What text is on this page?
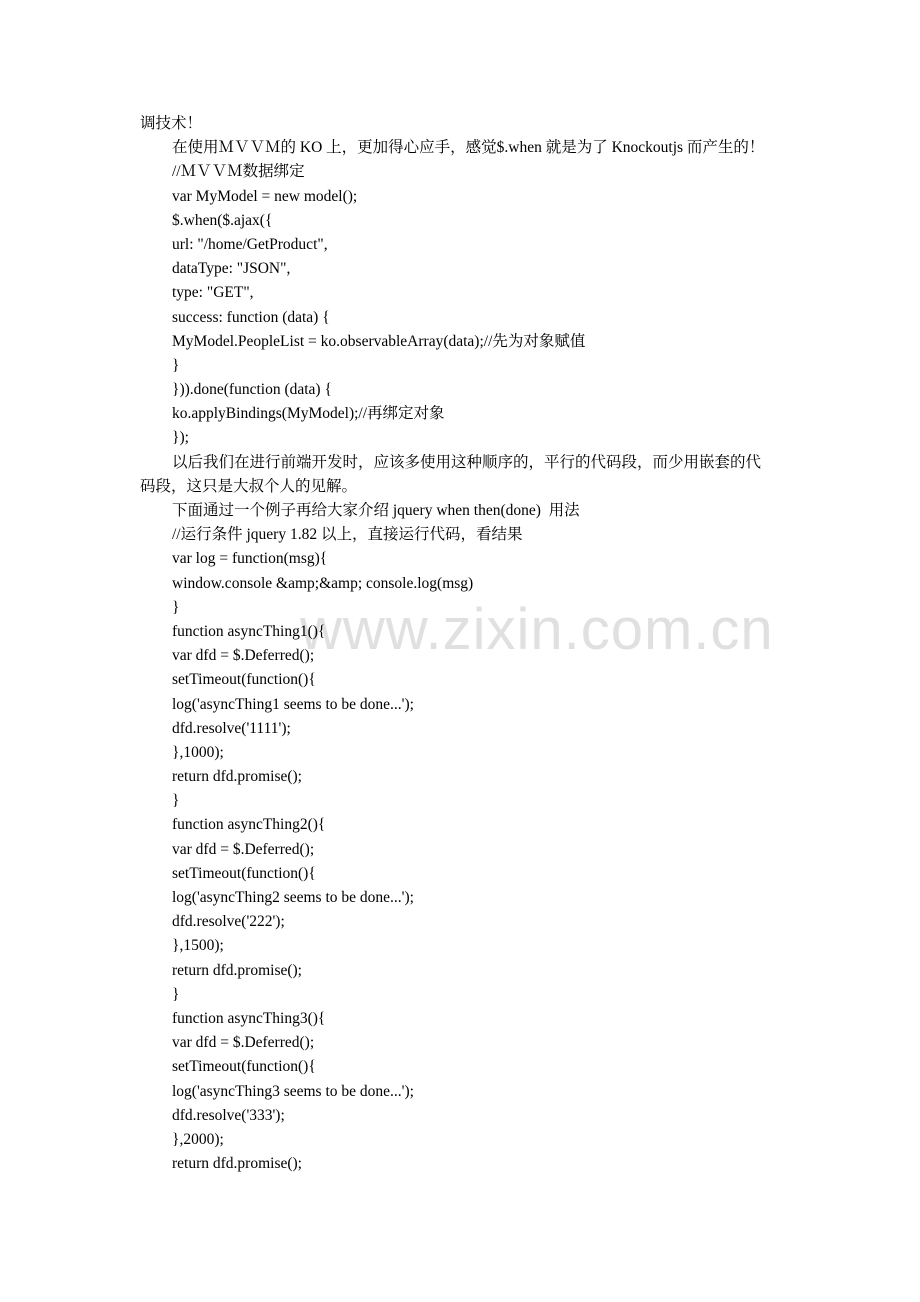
www.zixin.com.cn
调技术！
在使用ＭＶＶＭ的 KO 上，更加得心应手，感觉$.when 就是为了 Knockoutjs 而产生的！
//ＭＶＶＭ数据绑定
var MyModel = new model();
$.when($.ajax({
url: "/home/GetProduct",
dataType: "JSON",
type: "GET",
success: function (data) {
MyModel.PeopleList = ko.observableArray(data);//先为对象赋值
}
})).done(function (data) {
ko.applyBindings(MyModel);//再绑定对象
});
以后我们在进行前端开发时，应该多使用这种顺序的，平行的代码段，而少用嵌套的代
码段，这只是大叔个人的见解。
下面通过一个例子再给大家介绍 jquery when then(done)  用法
//运行条件 jquery 1.82 以上，直接运行代码，看结果
var log = function(msg){
window.console &amp;&amp; console.log(msg)
}
function asyncThing1(){
var dfd = $.Deferred();
setTimeout(function(){
log('asyncThing1 seems to be done...');
dfd.resolve('1111');
},1000);
return dfd.promise();
}
function asyncThing2(){
var dfd = $.Deferred();
setTimeout(function(){
log('asyncThing2 seems to be done...');
dfd.resolve('222');
},1500);
return dfd.promise();
}
function asyncThing3(){
var dfd = $.Deferred();
setTimeout(function(){
log('asyncThing3 seems to be done...');
dfd.resolve('333');
},2000);
return dfd.promise();
